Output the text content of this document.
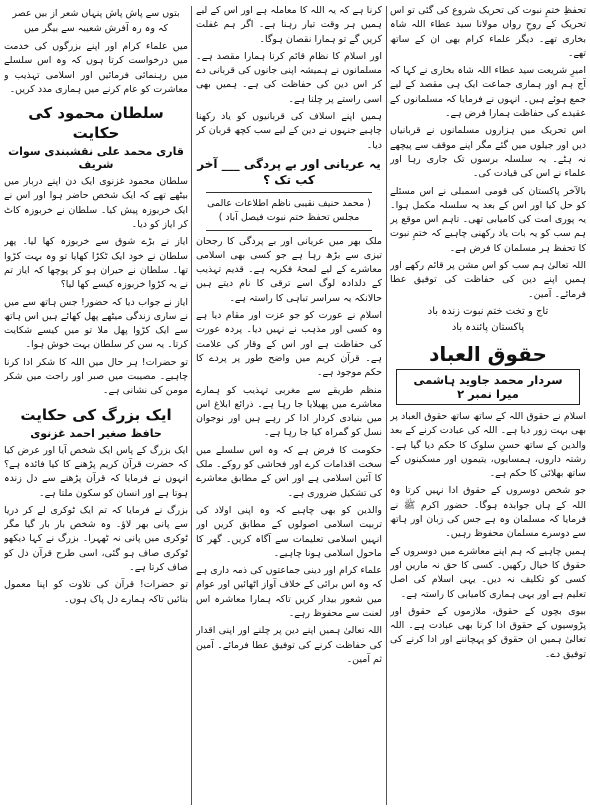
تحفظِ ختمِ نبوت کی تحریک شروع کی گئی تو اس تحریک کے روحِ رواں مولانا سید عطاء اللہ شاہ بخاری تھے۔ دیگر علماء کرام بھی ان کے ساتھ تھے۔

امیرِ شریعت سید عطاء اللہ شاہ بخاری نے کہا کہ آج ہم اور ہماری جماعت ایک ہی مقصد کے لیے جمع ہوئے ہیں۔ انہوں نے فرمایا کہ مسلمانوں کے عقیدے کی حفاظت ہمارا فرض ہے۔

اس تحریک میں ہزاروں مسلمانوں نے قربانیاں دیں اور جیلوں میں گئے مگر اپنے موقف سے پیچھے نہ ہٹے۔ یہ سلسلہ برسوں تک جاری رہا اور علماء نے اس کی قیادت کی۔

بالآخر پاکستان کی قومی اسمبلی نے اس مسئلے کو حل کیا اور اس کے بعد یہ سلسلہ مکمل ہوا۔ یہ پوری امت کی کامیابی تھی۔ تاہم اس موقع پر ہم سب کو یہ بات یاد رکھنی چاہیے کہ ختمِ نبوت کا تحفظ ہر مسلمان کا فرض ہے۔

اللہ تعالیٰ ہم سب کو اس مشن پر قائم رکھے اور ہمیں اپنے دین کی حفاظت کی توفیق عطا فرمائے۔ آمین۔

تاج و تخت ختم نبوت زندہ باد
پاکستان پائندہ باد
حقوق العباد
سردار محمد جاوید ہاشمی میرا نمبر ۲

اسلام نے حقوق اللہ کے ساتھ ساتھ حقوق العباد پر بھی بہت زور دیا ہے۔ اللہ کی عبادت کرنے کے بعد والدین کے ساتھ حسنِ سلوک کا حکم دیا گیا ہے۔ رشتہ داروں، ہمسایوں، یتیموں اور مسکینوں کے ساتھ بھلائی کا حکم ہے۔

جو شخص دوسروں کے حقوق ادا نہیں کرتا وہ اللہ کے ہاں جوابدہ ہوگا۔ حضور اکرم ﷺ نے فرمایا کہ مسلمان وہ ہے جس کی زبان اور ہاتھ سے دوسرے مسلمان محفوظ رہیں۔

ہمیں چاہیے کہ ہم اپنے معاشرے میں دوسروں کے حقوق کا خیال رکھیں۔ کسی کا حق نہ ماریں اور کسی کو تکلیف نہ دیں۔ یہی اسلام کی اصل تعلیم ہے اور یہی ہماری کامیابی کا راستہ ہے۔

بیوی بچوں کے حقوق، ملازموں کے حقوق اور پڑوسیوں کے حقوق ادا کرنا بھی عبادت ہے۔ اللہ تعالیٰ ہمیں ان حقوق کو پہچاننے اور ادا کرنے کی توفیق دے۔

کرنا ہے کہ یہ اللہ کا معاملہ ہے اور اس کے لیے ہمیں ہر وقت تیار رہنا ہے۔ اگر ہم غفلت کریں گے تو ہمارا نقصان ہوگا۔

اور اسلام کا نظام قائم کرنا ہمارا مقصد ہے۔ مسلمانوں نے ہمیشہ اپنی جانوں کی قربانی دے کر اس دین کی حفاظت کی ہے۔ ہمیں بھی اسی راستے پر چلنا ہے۔

ہمیں اپنے اسلاف کی قربانیوں کو یاد رکھنا چاہیے جنہوں نے دین کے لیے سب کچھ قربان کر دیا۔

یہ عریانی اور بے پردگی ___ آخر کب تک ؟

( محمد حنیف نقیبی ناظم اطلاعات عالمی مجلس تحفظ ختم نبوت فیصل آباد )

ملک بھر میں عریانی اور بے پردگی کا رجحان تیزی سے بڑھ رہا ہے جو کسی بھی اسلامی معاشرے کے لیے لمحۂ فکریہ ہے۔ قدیم تہذیب کے دلدادہ لوگ اسے ترقی کا نام دیتے ہیں حالانکہ یہ سراسر تباہی کا راستہ ہے۔

اسلام نے عورت کو جو عزت اور مقام دیا ہے وہ کسی اور مذہب نے نہیں دیا۔ پردہ عورت کی حفاظت ہے اور اس کے وقار کی علامت ہے۔ قرآن کریم میں واضح طور پر پردے کا حکم موجود ہے۔

منظم طریقے سے مغربی تہذیب کو ہمارے معاشرے میں پھیلایا جا رہا ہے۔ ذرائع ابلاغ اس میں بنیادی کردار ادا کر رہے ہیں اور نوجوان نسل کو گمراہ کیا جا رہا ہے۔

حکومت کا فرض ہے کہ وہ اس سلسلے میں سخت اقدامات کرے اور فحاشی کو روکے۔ ملک کا آئین اسلامی ہے اور اس کے مطابق معاشرے کی تشکیل ضروری ہے۔

والدین کو بھی چاہیے کہ وہ اپنی اولاد کی تربیت اسلامی اصولوں کے مطابق کریں اور انہیں اسلامی تعلیمات سے آگاہ کریں۔ گھر کا ماحول اسلامی ہونا چاہیے۔

علماء کرام اور دینی جماعتوں کی ذمہ داری ہے کہ وہ اس برائی کے خلاف آواز اٹھائیں اور عوام میں شعور بیدار کریں تاکہ ہمارا معاشرہ اس لعنت سے محفوظ رہے۔

اللہ تعالیٰ ہمیں اپنے دین پر چلنے اور اپنی اقدار کی حفاظت کرنے کی توفیق عطا فرمائے۔ آمین ثم آمین۔

بتوں سے پاش پاش پنہاں شعر از بیں عصر
کہ وہ رہ آفرش شعیبہ سے بیگر میں

میں علماء کرام اور اپنے بزرگوں کی خدمت میں درخواست کرتا ہوں کہ وہ اس سلسلے میں رہنمائی فرمائیں اور اسلامی تہذیب و معاشرت کو عام کرنے میں ہماری مدد کریں۔

سلطان محمود کی حکایت
قاری محمد علی نقشبندی سوات شریف

سلطان محمود غزنوی ایک دن اپنے دربار میں بیٹھے تھے کہ ایک شخص حاضر ہوا اور اس نے ایک خربوزہ پیش کیا۔ سلطان نے خربوزہ کاٹ کر ایاز کو دیا۔

ایاز نے بڑے شوق سے خربوزہ کھا لیا۔ پھر سلطان نے خود ایک ٹکڑا کھایا تو وہ بہت کڑوا تھا۔ سلطان نے حیران ہو کر پوچھا کہ ایاز تم نے یہ کڑوا خربوزہ کیسے کھا لیا؟

ایاز نے جواب دیا کہ حضور! جس ہاتھ سے میں نے ساری زندگی میٹھے پھل کھائے ہیں اس ہاتھ سے ایک کڑوا پھل ملا تو میں کیسے شکایت کرتا۔ یہ سن کر سلطان بہت خوش ہوا۔

تو حضرات! ہر حال میں اللہ کا شکر ادا کرنا چاہیے۔ مصیبت میں صبر اور راحت میں شکر مومن کی نشانی ہے۔

ایک بزرگ کی حکایت
حافظ صغیر احمد غزنوی

ایک بزرگ کے پاس ایک شخص آیا اور عرض کیا کہ حضرت قرآن کریم پڑھنے کا کیا فائدہ ہے؟ انہوں نے فرمایا کہ قرآن پڑھنے سے دل زندہ ہوتا ہے اور انسان کو سکون ملتا ہے۔

بزرگ نے فرمایا کہ تم ایک ٹوکری لے کر دریا سے پانی بھر لاؤ۔ وہ شخص بار بار گیا مگر ٹوکری میں پانی نہ ٹھہرا۔ بزرگ نے کہا دیکھو ٹوکری صاف ہو گئی، اسی طرح قرآن دل کو صاف کرتا ہے۔

تو حضرات! قرآن کی تلاوت کو اپنا معمول بنائیں تاکہ ہمارے دل پاک ہوں۔
